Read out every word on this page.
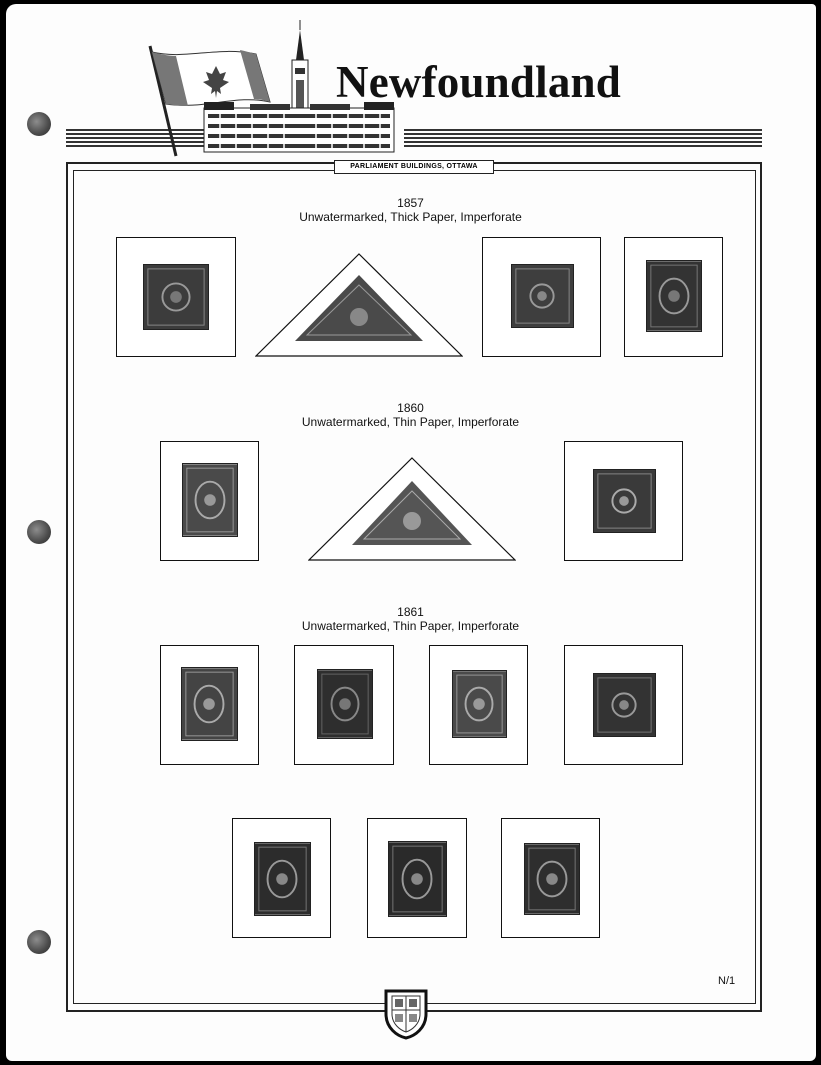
Newfoundland
PARLIAMENT BUILDINGS, OTTAWA
1857
Unwatermarked, Thick Paper, Imperforate
1860
Unwatermarked, Thin Paper, Imperforate
1861
Unwatermarked, Thin Paper, Imperforate
N/1
